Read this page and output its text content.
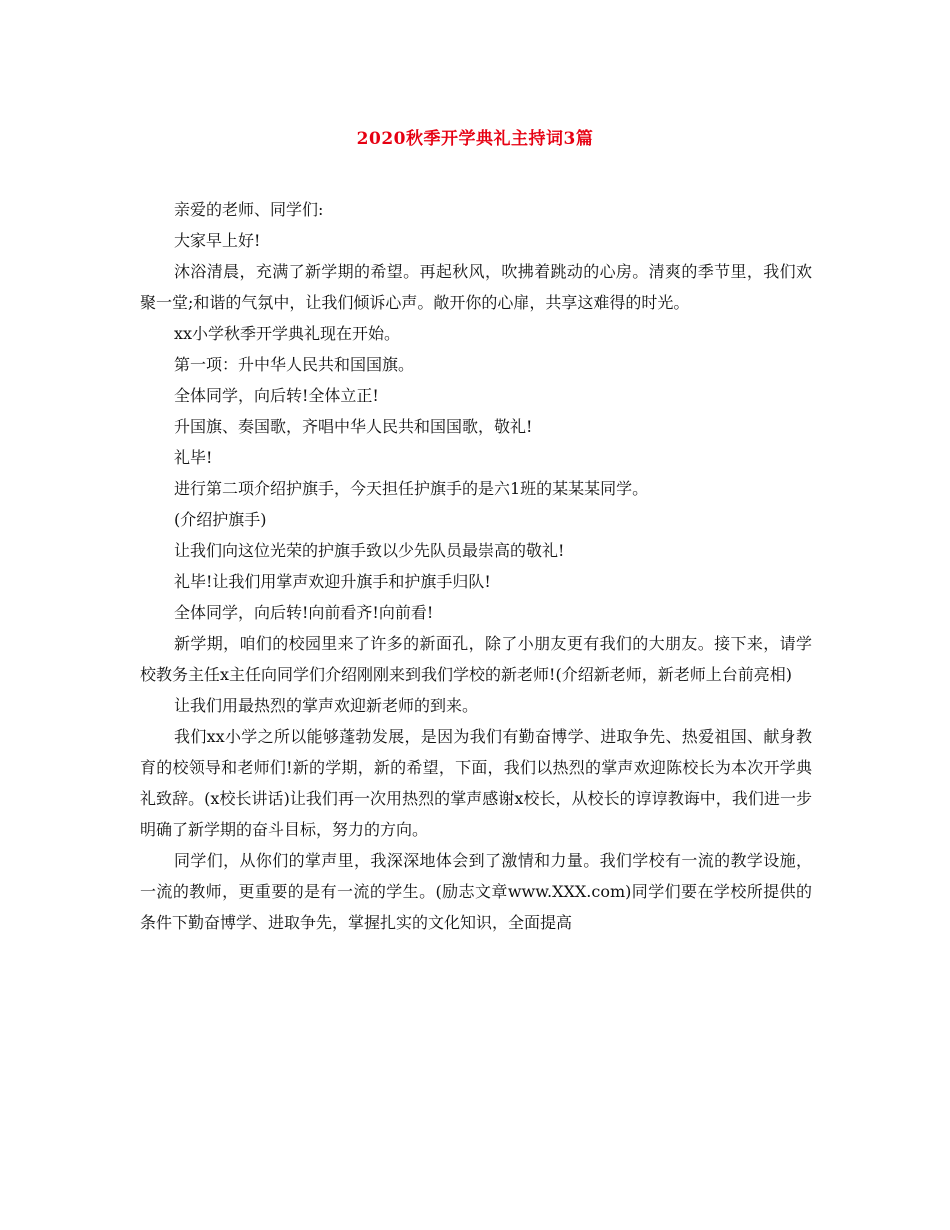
2020秋季开学典礼主持词3篇

亲爱的老师、同学们:

大家早上好!

沐浴清晨，充满了新学期的希望。再起秋风，吹拂着跳动的心房。清爽的季节里，我们欢聚一堂;和谐的气氛中，让我们倾诉心声。敞开你的心扉，共享这难得的时光。

xx小学秋季开学典礼现在开始。

第一项：升中华人民共和国国旗。

全体同学，向后转!全体立正!

升国旗、奏国歌，齐唱中华人民共和国国歌，敬礼!

礼毕!

进行第二项介绍护旗手，今天担任护旗手的是六1班的某某某同学。

(介绍护旗手)

让我们向这位光荣的护旗手致以少先队员最崇高的敬礼!

礼毕!让我们用掌声欢迎升旗手和护旗手归队!

全体同学，向后转!向前看齐!向前看!

新学期，咱们的校园里来了许多的新面孔，除了小朋友更有我们的大朋友。接下来，请学校教务主任x主任向同学们介绍刚刚来到我们学校的新老师!(介绍新老师，新老师上台前亮相)

让我们用最热烈的掌声欢迎新老师的到来。

我们xx小学之所以能够蓬勃发展，是因为我们有勤奋博学、进取争先、热爱祖国、献身教育的校领导和老师们!新的学期，新的希望，下面，我们以热烈的掌声欢迎陈校长为本次开学典礼致辞。(x校长讲话)让我们再一次用热烈的掌声感谢x校长，从校长的谆谆教诲中，我们进一步明确了新学期的奋斗目标，努力的方向。

同学们，从你们的掌声里，我深深地体会到了激情和力量。我们学校有一流的教学设施，一流的教师，更重要的是有一流的学生。(励志文章www.XXX.com)同学们要在学校所提供的条件下勤奋博学、进取争先，掌握扎实的文化知识，全面提高
